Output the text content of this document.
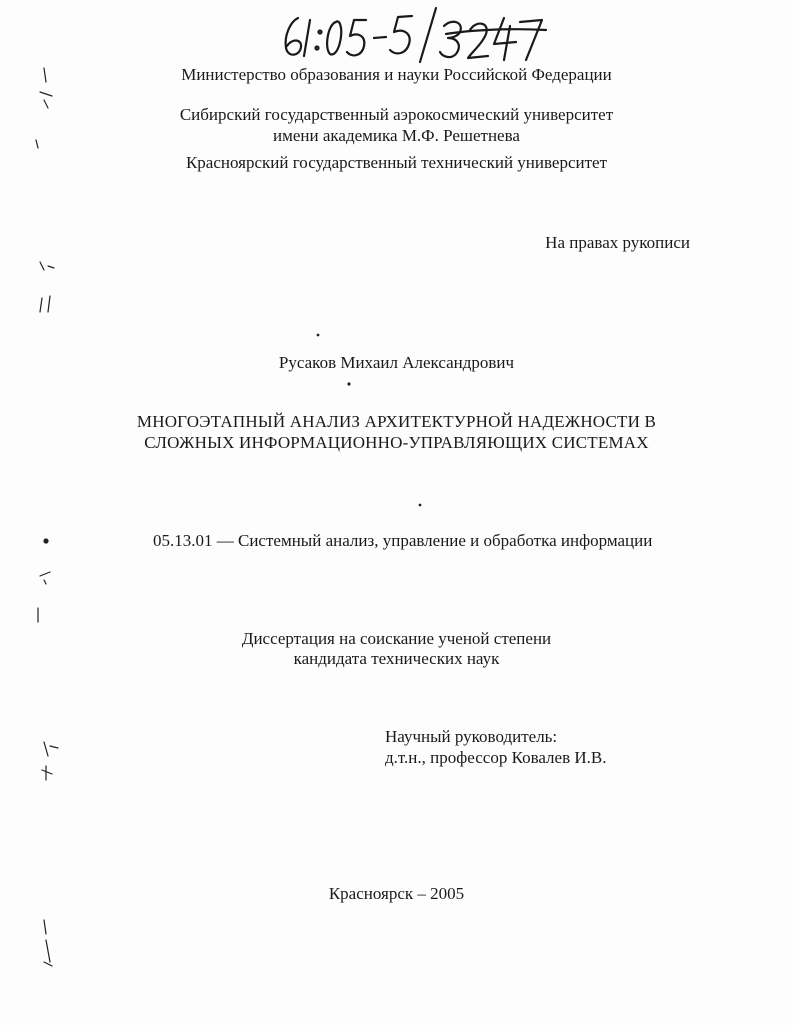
Министерство образования и науки Российской Федерации
Сибирский государственный аэрокосмический университет
имени академика М.Ф. Решетнева
Красноярский государственный технический университет
На правах рукописи
Русаков Михаил Александрович
МНОГОЭТАПНЫЙ АНАЛИЗ АРХИТЕКТУРНОЙ НАДЕЖНОСТИ В
СЛОЖНЫХ ИНФОРМАЦИОННО-УПРАВЛЯЮЩИХ СИСТЕМАХ
05.13.01 — Системный анализ, управление и обработка информации
Диссертация на соискание ученой степени
кандидата технических наук
Научный руководитель:
д.т.н., профессор Ковалев И.В.
Красноярск – 2005
